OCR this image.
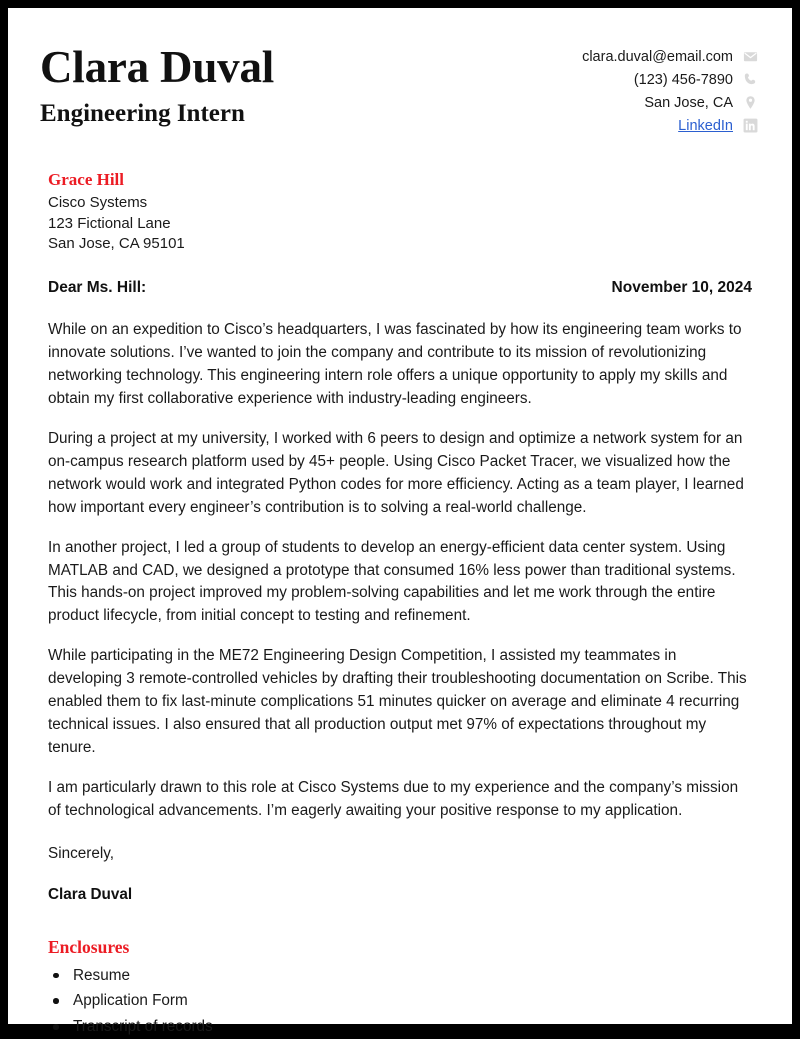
Clara Duval
Engineering Intern
clara.duval@email.com
(123) 456-7890
San Jose, CA
LinkedIn
Grace Hill
Cisco Systems
123 Fictional Lane
San Jose, CA 95101
Dear Ms. Hill:	November 10, 2024

While on an expedition to Cisco’s headquarters, I was fascinated by how its engineering team works to innovate solutions. I’ve wanted to join the company and contribute to its mission of revolutionizing networking technology. This engineering intern role offers a unique opportunity to apply my skills and obtain my first collaborative experience with industry-leading engineers.

During a project at my university, I worked with 6 peers to design and optimize a network system for an on-campus research platform used by 45+ people. Using Cisco Packet Tracer, we visualized how the network would work and integrated Python codes for more efficiency. Acting as a team player, I learned how important every engineer’s contribution is to solving a real-world challenge.

In another project, I led a group of students to develop an energy-efficient data center system. Using MATLAB and CAD, we designed a prototype that consumed 16% less power than traditional systems. This hands-on project improved my problem-solving capabilities and let me work through the entire product lifecycle, from initial concept to testing and refinement.

While participating in the ME72 Engineering Design Competition, I assisted my teammates in developing 3 remote-controlled vehicles by drafting their troubleshooting documentation on Scribe. This enabled them to fix last-minute complications 51 minutes quicker on average and eliminate 4 recurring technical issues. I also ensured that all production output met 97% of expectations throughout my tenure.

I am particularly drawn to this role at Cisco Systems due to my experience and the company’s mission of technological advancements. I’m eagerly awaiting your positive response to my application.

Sincerely,

Clara Duval

Enclosures
Resume
Application Form
Transcript of records
